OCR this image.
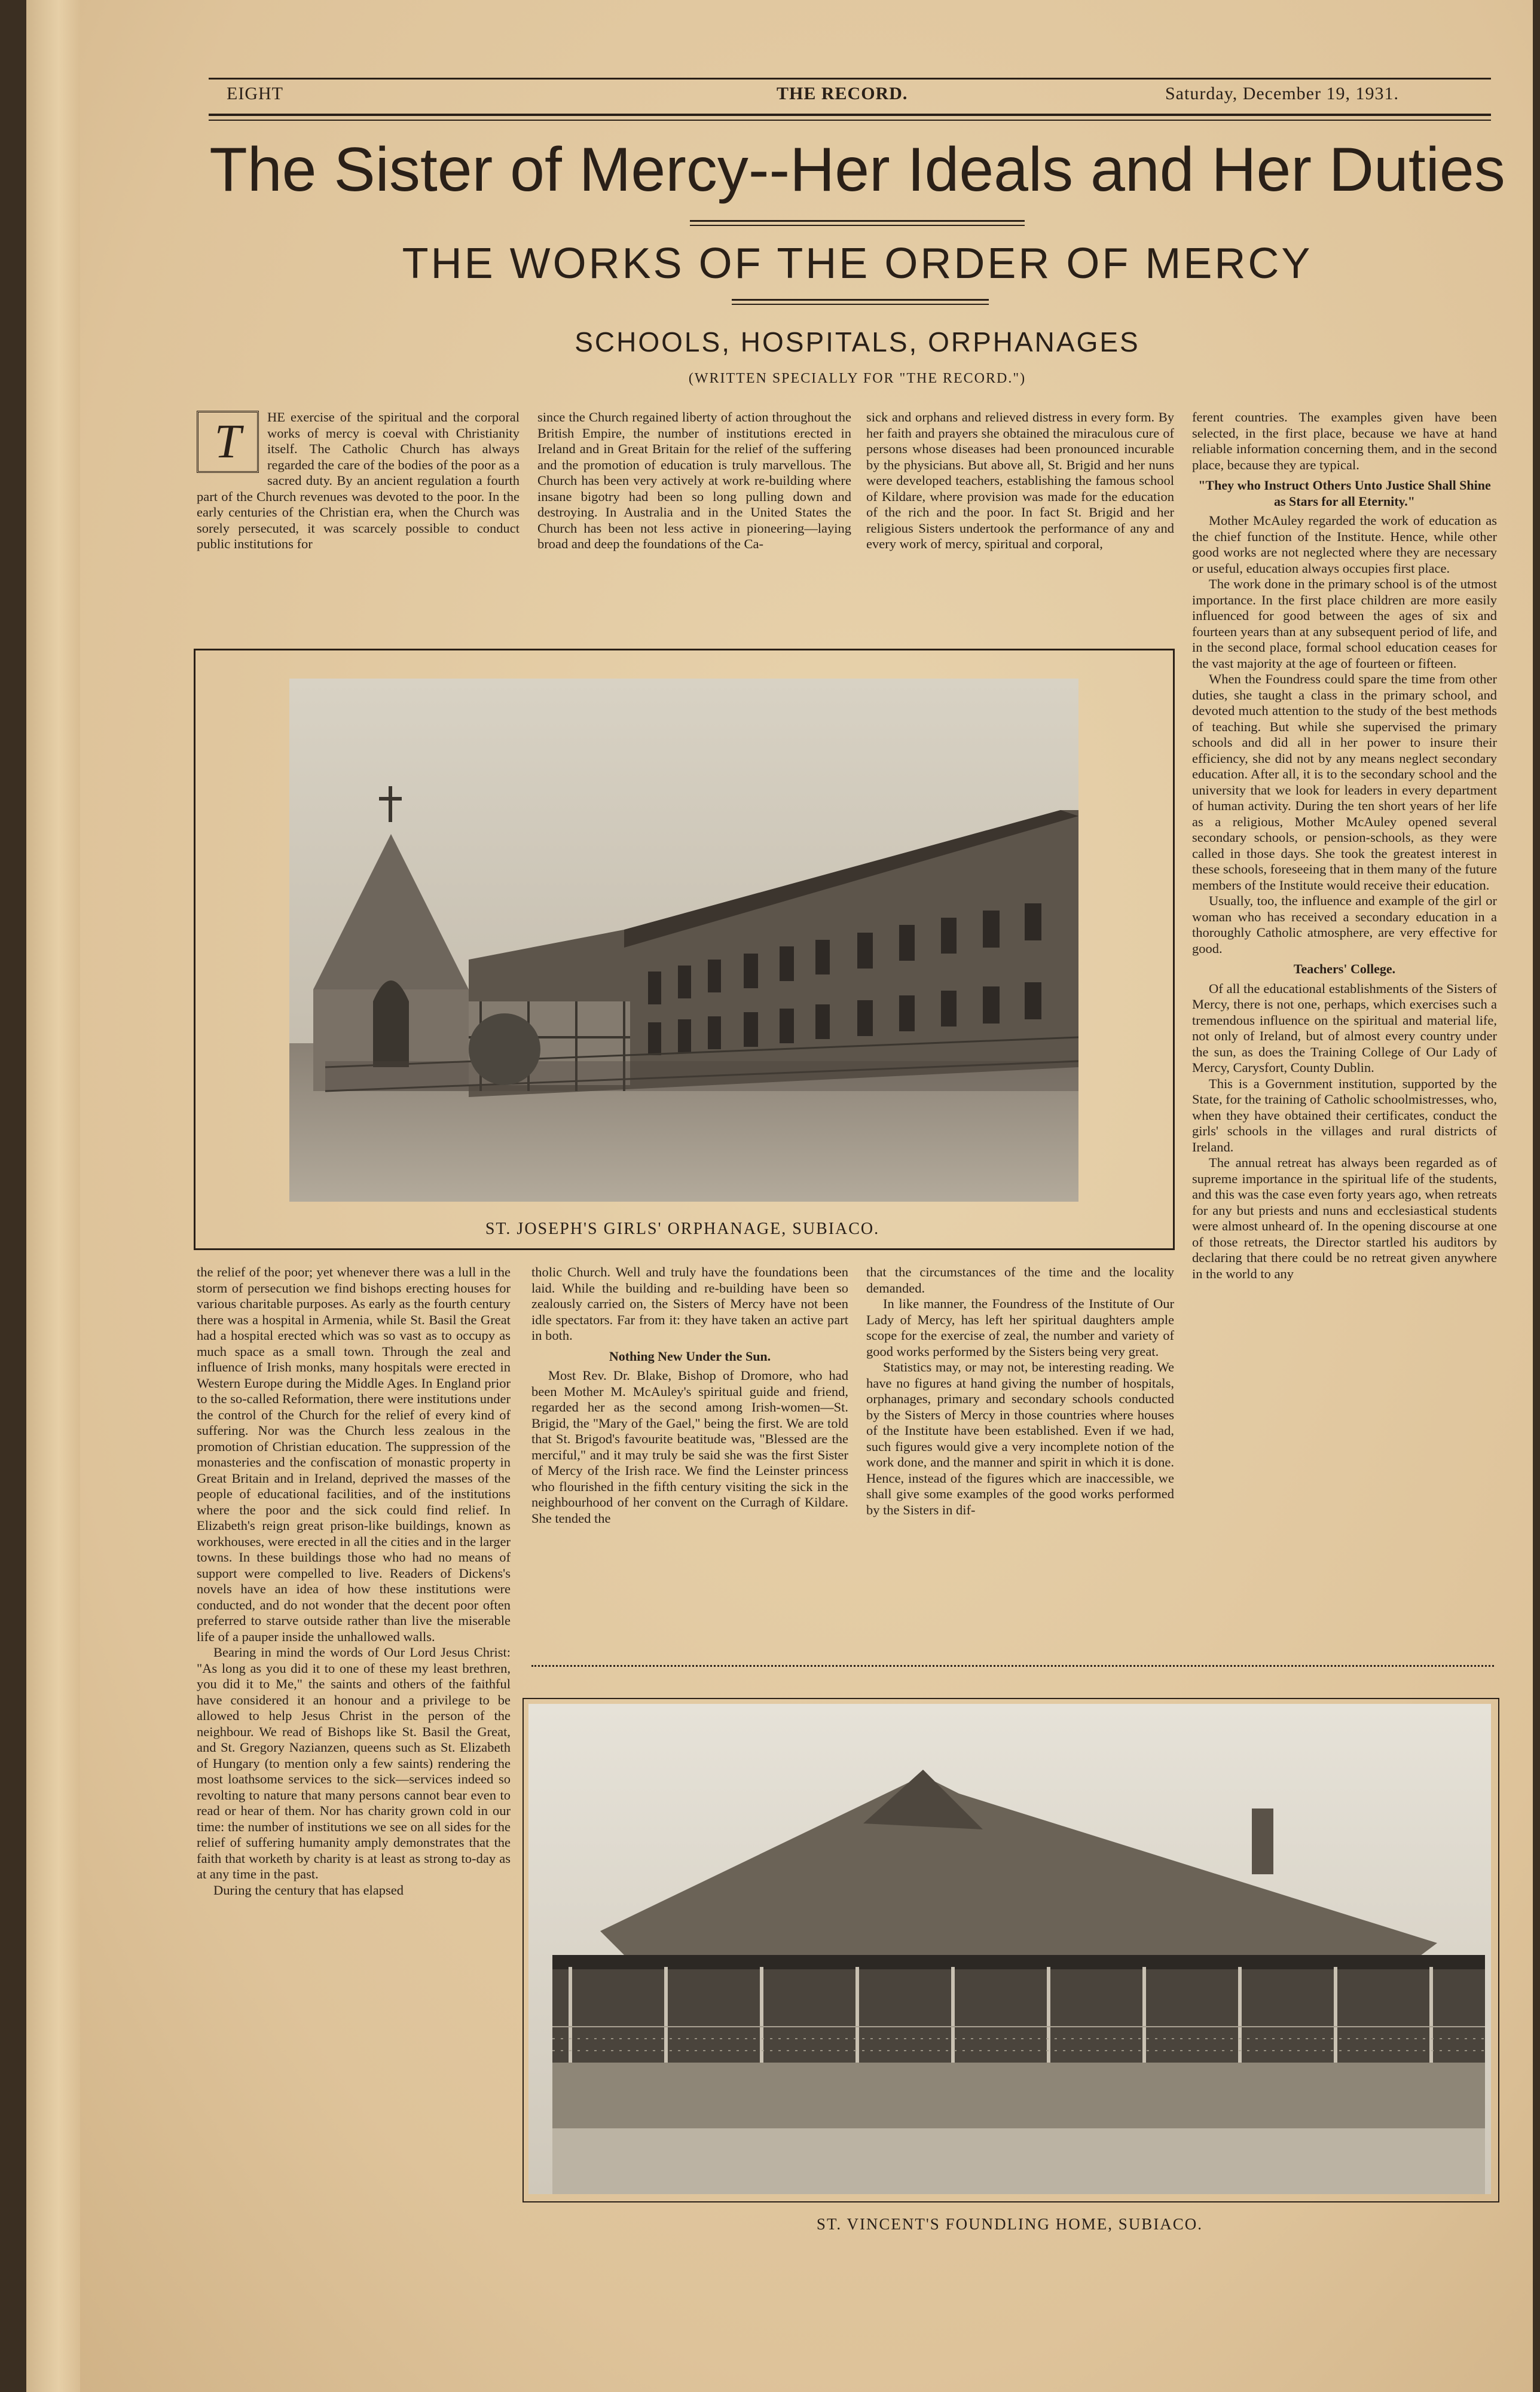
EIGHT	THE RECORD.	Saturday, December 19, 1931.
The Sister of Mercy--Her Ideals and Her Duties
THE WORKS OF THE ORDER OF MERCY
SCHOOLS, HOSPITALS, ORPHANAGES
(WRITTEN SPECIALLY FOR "THE RECORD.")
T	HE exercise of the spiritual and the corporal works of mercy is coeval with Christianity itself. The Catholic Church has always regarded the care of the bodies of the poor as a sacred duty. By an ancient regulation a fourth part of the Church revenues was devoted to the poor. In the early centuries of the Christian era, when the Church was sorely persecuted, it was scarcely possible to conduct public institutions for

since the Church regained liberty of action throughout the British Empire, the number of institutions erected in Ireland and in Great Britain for the relief of the suffering and the promotion of education is truly marvellous. The Church has been very actively at work re-building where insane bigotry had been so long pulling down and destroying. In Australia and in the United States the Church has been not less active in pioneering—laying broad and deep the foundations of the Ca-

sick and orphans and relieved distress in every form. By her faith and prayers she obtained the miraculous cure of persons whose diseases had been pronounced incurable by the physicians. But above all, St. Brigid and her nuns were developed teachers, establishing the famous school of Kildare, where provision was made for the education of the rich and the poor. In fact St. Brigid and her religious Sisters undertook the performance of any and every work of mercy, spiritual and corporal,

ferent countries. The examples given have been selected, in the first place, because we have at hand reliable information concerning them, and in the second place, because they are typical.

"They who Instruct Others Unto Justice Shall Shine as Stars for all Eternity."

Mother McAuley regarded the work of education as the chief function of the Institute. Hence, while other good works are not neglected where they are necessary or useful, education always occupies first place.

The work done in the primary school is of the utmost importance. In the first place children are more easily influenced for good between the ages of six and fourteen years than at any subsequent period of life, and in the second place, formal school education ceases for the vast majority at the age of fourteen or fifteen.

When the Foundress could spare the time from other duties, she taught a class in the primary school, and devoted much attention to the study of the best methods of teaching. But while she supervised the primary schools and did all in her power to insure their efficiency, she did not by any means neglect secondary education. After all, it is to the secondary school and the university that we look for leaders in every department of human activity. During the ten short years of her life as a religious, Mother McAuley opened several secondary schools, or pension-schools, as they were called in those days. She took the greatest interest in these schools, foreseeing that in them many of the future members of the Institute would receive their education.

Usually, too, the influence and example of the girl or woman who has received a secondary education in a thoroughly Catholic atmosphere, are very effective for good.

Teachers' College.

Of all the educational establishments of the Sisters of Mercy, there is not one, perhaps, which exercises such a tremendous influence on the spiritual and material life, not only of Ireland, but of almost every country under the sun, as does the Training College of Our Lady of Mercy, Carysfort, County Dublin.

This is a Government institution, supported by the State, for the training of Catholic schoolmistresses, who, when they have obtained their certificates, conduct the girls' schools in the villages and rural districts of Ireland.

The annual retreat has always been regarded as of supreme importance in the spiritual life of the students, and this was the case even forty years ago, when retreats for any but priests and nuns and ecclesiastical students were almost unheard of. In the opening discourse at one of those retreats, the Director startled his auditors by declaring that there could be no retreat given anywhere in the world to any

ST. JOSEPH'S GIRLS' ORPHANAGE, SUBIACO.

the relief of the poor; yet whenever there was a lull in the storm of persecution we find bishops erecting houses for various charitable purposes. As early as the fourth century there was a hospital in Armenia, while St. Basil the Great had a hospital erected which was so vast as to occupy as much space as a small town. Through the zeal and influence of Irish monks, many hospitals were erected in Western Europe during the Middle Ages. In England prior to the so-called Reformation, there were institutions under the control of the Church for the relief of every kind of suffering. Nor was the Church less zealous in the promotion of Christian education. The suppression of the monasteries and the confiscation of monastic property in Great Britain and in Ireland, deprived the masses of the people of educational facilities, and of the institutions where the poor and the sick could find relief. In Elizabeth's reign great prison-like buildings, known as workhouses, were erected in all the cities and in the larger towns. In these buildings those who had no means of support were compelled to live. Readers of Dickens's novels have an idea of how these institutions were conducted, and do not wonder that the decent poor often preferred to starve outside rather than live the miserable life of a pauper inside the unhallowed walls.

Bearing in mind the words of Our Lord Jesus Christ: "As long as you did it to one of these my least brethren, you did it to Me," the saints and others of the faithful have considered it an honour and a privilege to be allowed to help Jesus Christ in the person of the neighbour. We read of Bishops like St. Basil the Great, and St. Gregory Nazianzen, queens such as St. Elizabeth of Hungary (to mention only a few saints) rendering the most loathsome services to the sick—services indeed so revolting to nature that many persons cannot bear even to read or hear of them. Nor has charity grown cold in our time: the number of institutions we see on all sides for the relief of suffering humanity amply demonstrates that the faith that worketh by charity is at least as strong to-day as at any time in the past.

During the century that has elapsed

tholic Church. Well and truly have the foundations been laid. While the building and re-building have been so zealously carried on, the Sisters of Mercy have not been idle spectators. Far from it: they have taken an active part in both.

Nothing New Under the Sun.

Most Rev. Dr. Blake, Bishop of Dromore, who had been Mother M. McAuley's spiritual guide and friend, regarded her as the second among Irish-women—St. Brigid, the "Mary of the Gael," being the first. We are told that St. Brigod's favourite beatitude was, "Blessed are the merciful," and it may truly be said she was the first Sister of Mercy of the Irish race. We find the Leinster princess who flourished in the fifth century visiting the sick in the neighbourhood of her convent on the Curragh of Kildare. She tended the

that the circumstances of the time and the locality demanded.

In like manner, the Foundress of the Institute of Our Lady of Mercy, has left her spiritual daughters ample scope for the exercise of zeal, the number and variety of good works performed by the Sisters being very great.

Statistics may, or may not, be interesting reading. We have no figures at hand giving the number of hospitals, orphanages, primary and secondary schools conducted by the Sisters of Mercy in those countries where houses of the Institute have been established. Even if we had, such figures would give a very incomplete notion of the work done, and the manner and spirit in which it is done. Hence, instead of the figures which are inaccessible, we shall give some examples of the good works performed by the Sisters in dif-

ST. VINCENT'S FOUNDLING HOME, SUBIACO.
